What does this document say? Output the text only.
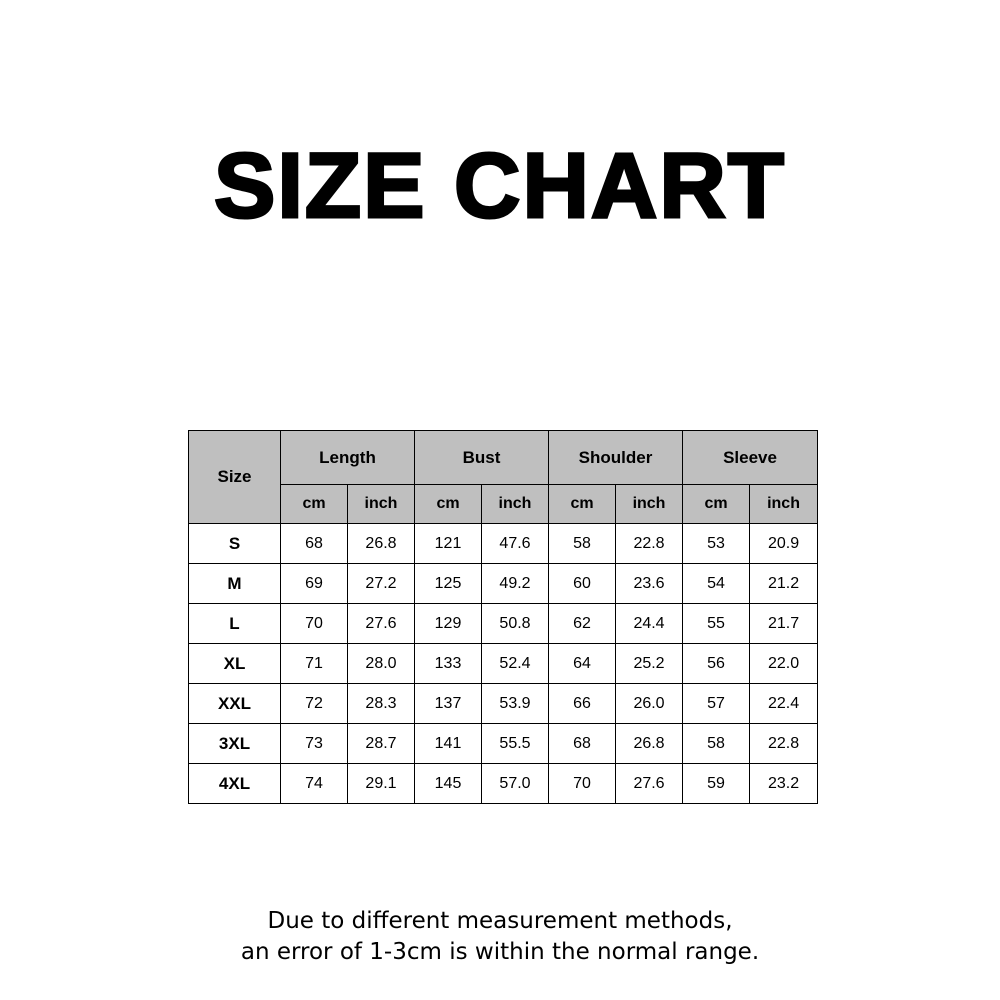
SIZE CHART
Size	Length		Bust		Shoulder		Sleeve	
	cm	inch	cm	inch	cm	inch	cm	inch
S	68	26.8	121	47.6	58	22.8	53	20.9
M	69	27.2	125	49.2	60	23.6	54	21.2
L	70	27.6	129	50.8	62	24.4	55	21.7
XL	71	28.0	133	52.4	64	25.2	56	22.0
XXL	72	28.3	137	53.9	66	26.0	57	22.4
3XL	73	28.7	141	55.5	68	26.8	58	22.8
4XL	74	29.1	145	57.0	70	27.6	59	23.2
Due to different measurement methods,
an error of 1-3cm is within the normal range.
